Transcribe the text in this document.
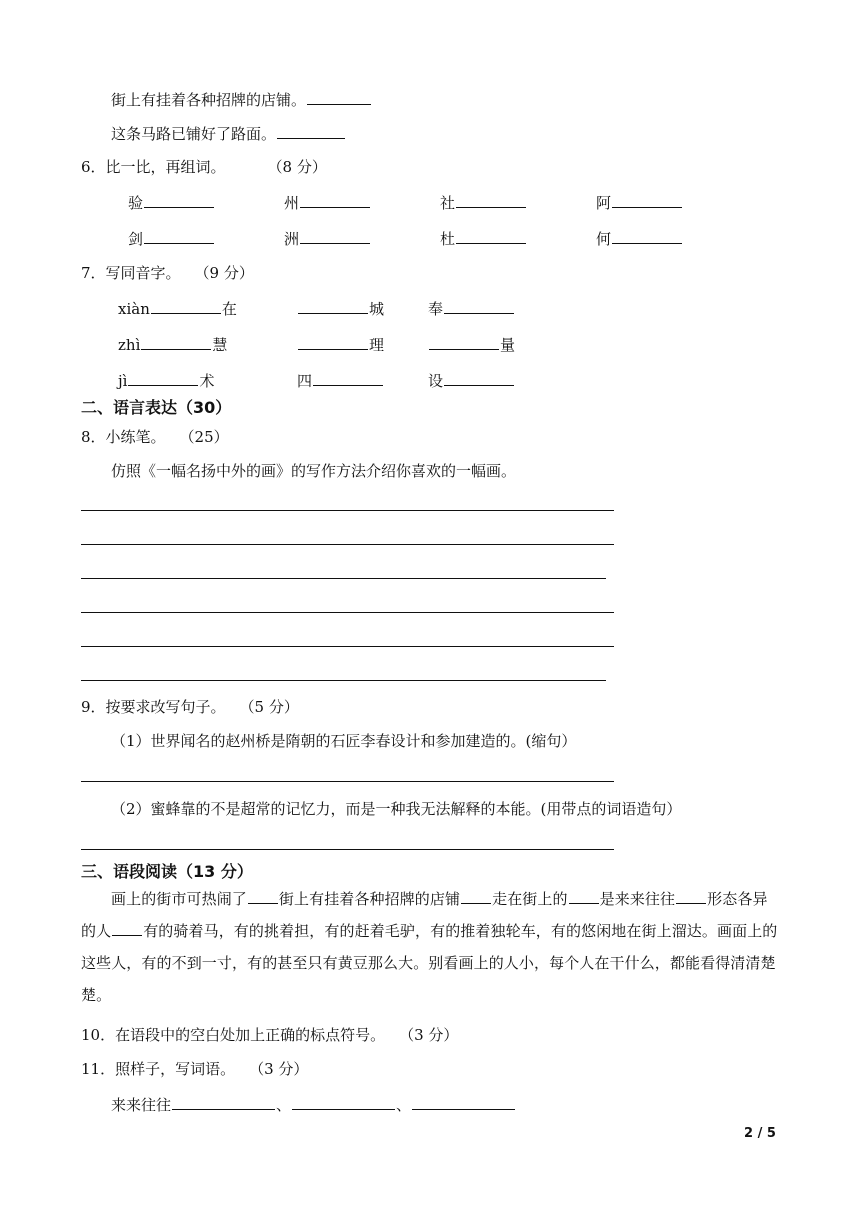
街上有挂着各种招牌的店铺。
这条马路已铺好了路面。
6．比一比，再组词。	（8 分）
验	州	社	阿
剑	洲	杜	何
7．写同音字。 （9 分）
xiàn	在	城	奉
zhì	慧	理	量
jì	术	四	设
二、语言表达（30）
8．小练笔。 （25）
仿照《一幅名扬中外的画》的写作方法介绍你喜欢的一幅画。
9．按要求改写句子。 （5 分）
（1）世界闻名的赵州桥是隋朝的石匠李春设计和参加建造的。(缩句）
（2）蜜蜂靠的不是超常的记忆力，而是一种我无法解释的本能。(用带点的词语造句）
三、语段阅读（13 分）
画上的街市可热闹了 街上有挂着各种招牌的店铺 走在街上的 是来来往往 形态各异的人 有的骑着马，有的挑着担，有的赶着毛驴，有的推着独轮车，有的悠闲地在街上溜达。画面上的这些人，有的不到一寸，有的甚至只有黄豆那么大。别看画上的人小，每个人在干什么，都能看得清清楚楚。
10．在语段中的空白处加上正确的标点符号。 （3 分）
11．照样子，写词语。 （3 分）
来来往往	、	、
2 / 5
